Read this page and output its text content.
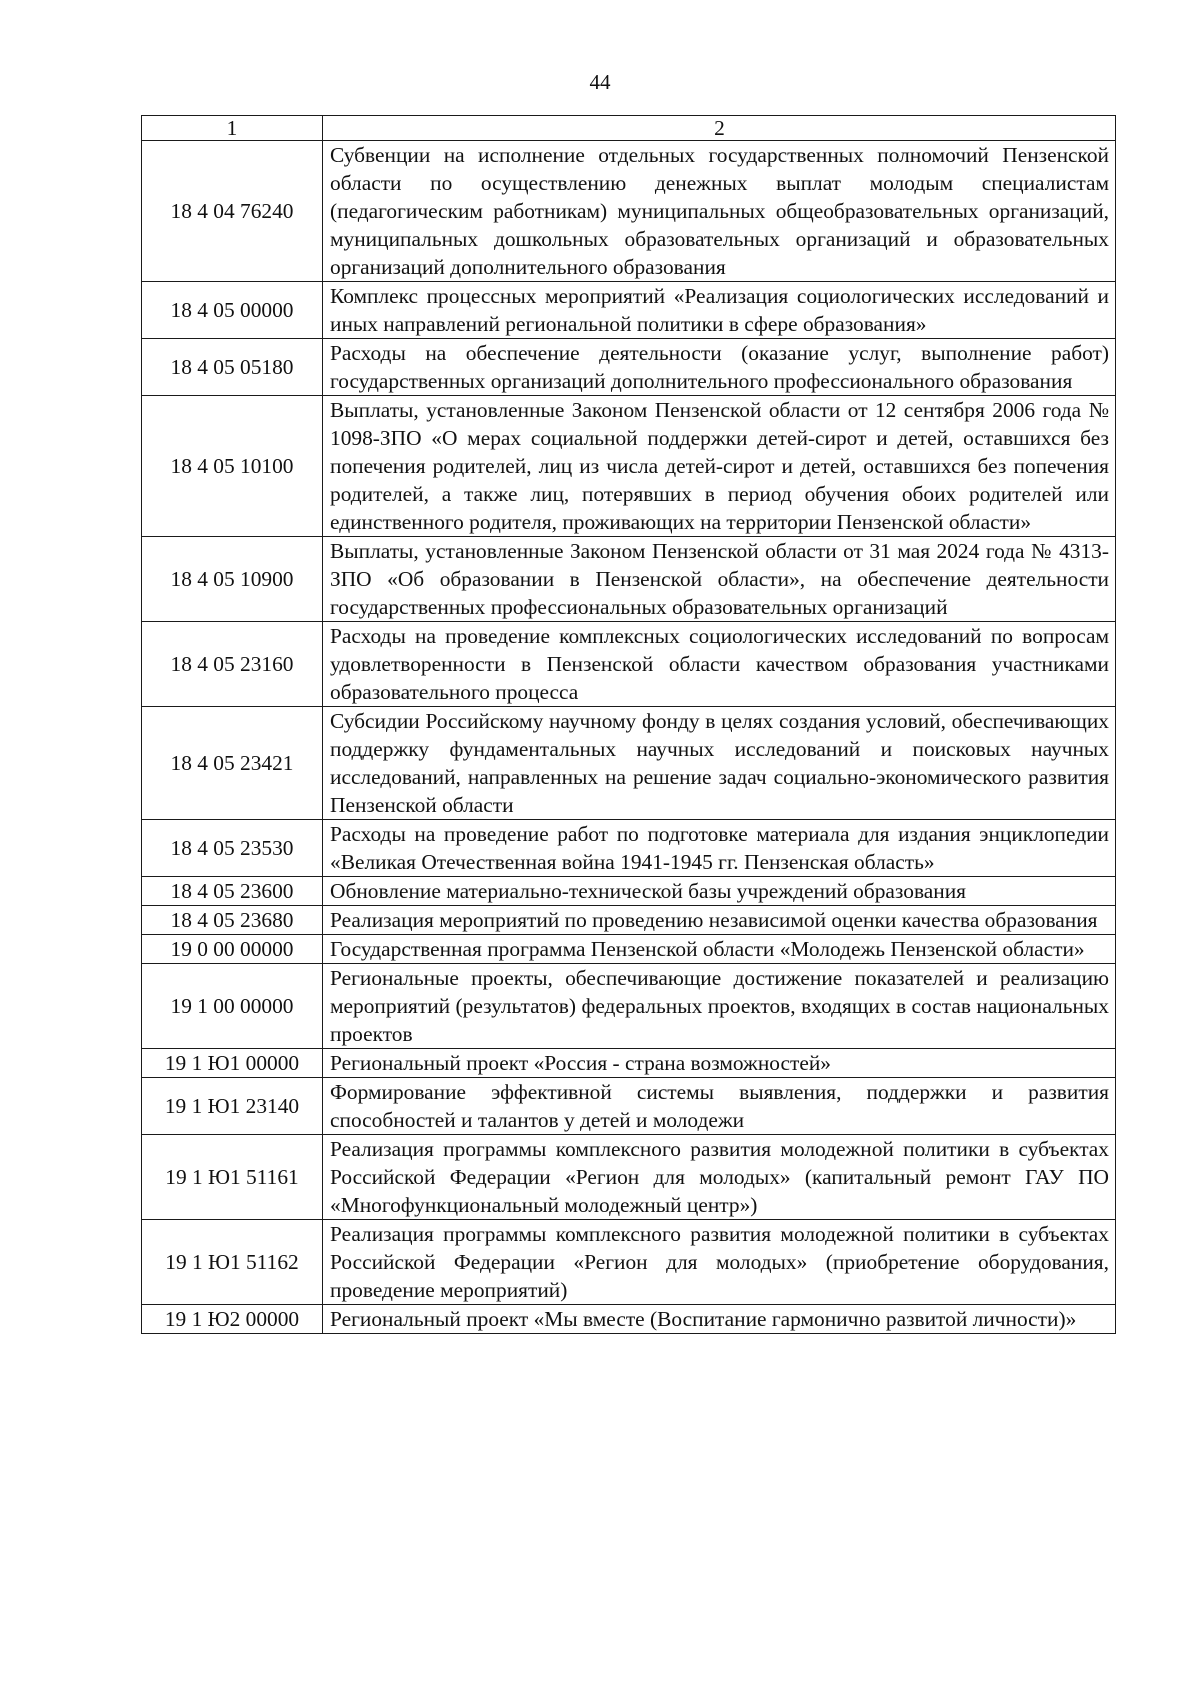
44
1	2
18 4 04 76240	Субвенции на исполнение отдельных государственных полномочий Пензенской области по осуществлению денежных выплат молодым специалистам (педагогическим работникам) муниципальных общеобразовательных организаций, муниципальных дошкольных образовательных организаций и образовательных организаций дополнительного образования
18 4 05 00000	Комплекс процессных мероприятий «Реализация социологических исследований и иных направлений региональной политики в сфере образования»
18 4 05 05180	Расходы на обеспечение деятельности (оказание услуг, выполнение работ) государственных организаций дополнительного профессионального образования
18 4 05 10100	Выплаты, установленные Законом Пензенской области от 12 сентября 2006 года № 1098-ЗПО «О мерах социальной поддержки детей-сирот и детей, оставшихся без попечения родителей, лиц из числа детей-сирот и детей, оставшихся без попечения родителей, а также лиц, потерявших в период обучения обоих родителей или единственного родителя, проживающих на территории Пензенской области»
18 4 05 10900	Выплаты, установленные Законом Пензенской области от 31 мая 2024 года № 4313-ЗПО «Об образовании в Пензенской области», на обеспечение деятельности государственных профессиональных образовательных организаций
18 4 05 23160	Расходы на проведение комплексных социологических исследований по вопросам удовлетворенности в Пензенской области качеством образования участниками образовательного процесса
18 4 05 23421	Субсидии Российскому научному фонду в целях создания условий, обеспечивающих поддержку фундаментальных научных исследований и поисковых научных исследований, направленных на решение задач социально-экономического развития Пензенской области
18 4 05 23530	Расходы на проведение работ по подготовке материала для издания энциклопедии «Великая Отечественная война 1941-1945 гг. Пензенская область»
18 4 05 23600	Обновление материально-технической базы учреждений образования
18 4 05 23680	Реализация мероприятий по проведению независимой оценки качества образования
19 0 00 00000	Государственная программа Пензенской области «Молодежь Пензенской области»
19 1 00 00000	Региональные проекты, обеспечивающие достижение показателей и реализацию мероприятий (результатов) федеральных проектов, входящих в состав национальных проектов
19 1 Ю1 00000	Региональный проект «Россия - страна возможностей»
19 1 Ю1 23140	Формирование эффективной системы выявления, поддержки и развития способностей и талантов у детей и молодежи
19 1 Ю1 51161	Реализация программы комплексного развития молодежной политики в субъектах Российской Федерации «Регион для молодых» (капитальный ремонт ГАУ ПО «Многофункциональный молодежный центр»)
19 1 Ю1 51162	Реализация программы комплексного развития молодежной политики в субъектах Российской Федерации «Регион для молодых» (приобретение оборудования, проведение мероприятий)
19 1 Ю2 00000	Региональный проект «Мы вместе (Воспитание гармонично развитой личности)»
